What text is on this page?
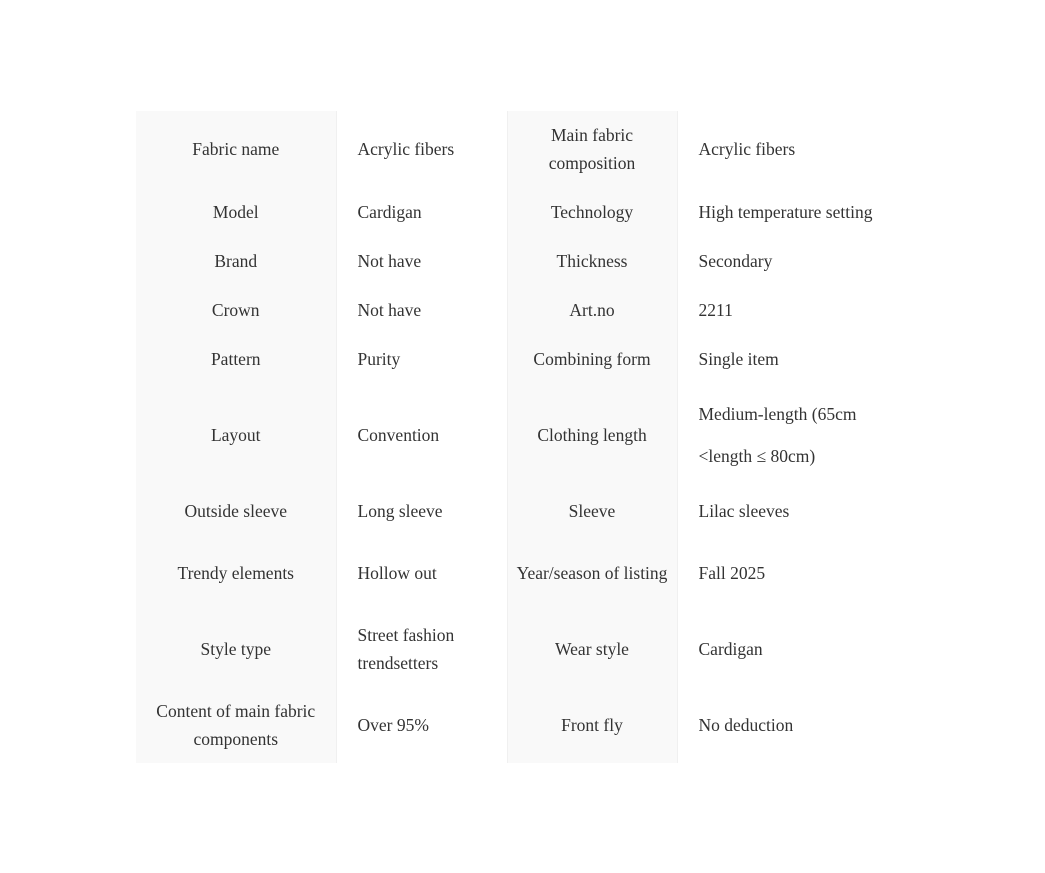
Fabric name	Acrylic fibers	Main fabric composition	Acrylic fibers
Model	Cardigan	Technology	High temperature setting
Brand	Not have	Thickness	Secondary
Crown	Not have	Art.no	2211
Pattern	Purity	Combining form	Single item
Layout	Convention	Clothing length	Medium-length (65cm
<length ≤ 80cm)

Outside sleeve	Long sleeve	Sleeve	Lilac sleeves
Trendy elements	Hollow out	Year/season of listing	Fall 2025
Style type	Street fashion trendsetters	Wear style	Cardigan
Content of main fabric components	Over 95%	Front fly	No deduction
